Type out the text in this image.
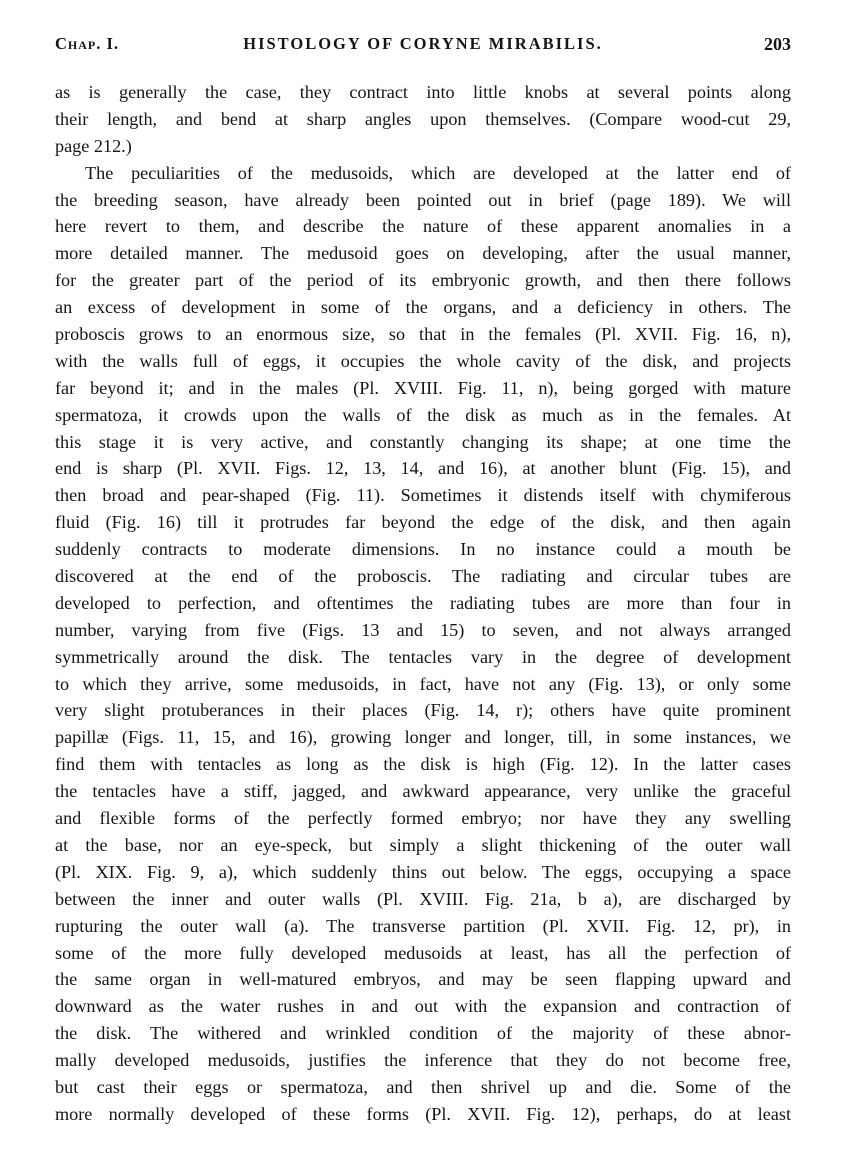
Chap. I.	HISTOLOGY OF CORYNE MIRABILIS.	203
as is generally the case, they contract into little knobs at several points along
their length, and bend at sharp angles upon themselves. (Compare wood-cut 29,
page 212.)
The peculiarities of the medusoids, which are developed at the latter end of
the breeding season, have already been pointed out in brief (page 189). We will
here revert to them, and describe the nature of these apparent anomalies in a
more detailed manner. The medusoid goes on developing, after the usual manner,
for the greater part of the period of its embryonic growth, and then there follows
an excess of development in some of the organs, and a deficiency in others. The
proboscis grows to an enormous size, so that in the females (Pl. XVII. Fig. 16, n),
with the walls full of eggs, it occupies the whole cavity of the disk, and projects
far beyond it; and in the males (Pl. XVIII. Fig. 11, n), being gorged with mature
spermatoza, it crowds upon the walls of the disk as much as in the females. At
this stage it is very active, and constantly changing its shape; at one time the
end is sharp (Pl. XVII. Figs. 12, 13, 14, and 16), at another blunt (Fig. 15), and
then broad and pear-shaped (Fig. 11). Sometimes it distends itself with chymiferous
fluid (Fig. 16) till it protrudes far beyond the edge of the disk, and then again
suddenly contracts to moderate dimensions. In no instance could a mouth be
discovered at the end of the proboscis. The radiating and circular tubes are
developed to perfection, and oftentimes the radiating tubes are more than four in
number, varying from five (Figs. 13 and 15) to seven, and not always arranged
symmetrically around the disk. The tentacles vary in the degree of development
to which they arrive, some medusoids, in fact, have not any (Fig. 13), or only some
very slight protuberances in their places (Fig. 14, r); others have quite prominent
papillæ (Figs. 11, 15, and 16), growing longer and longer, till, in some instances, we
find them with tentacles as long as the disk is high (Fig. 12). In the latter cases
the tentacles have a stiff, jagged, and awkward appearance, very unlike the graceful
and flexible forms of the perfectly formed embryo; nor have they any swelling
at the base, nor an eye-speck, but simply a slight thickening of the outer wall
(Pl. XIX. Fig. 9, a), which suddenly thins out below. The eggs, occupying a space
between the inner and outer walls (Pl. XVIII. Fig. 21a, b a), are discharged by
rupturing the outer wall (a). The transverse partition (Pl. XVII. Fig. 12, pr), in
some of the more fully developed medusoids at least, has all the perfection of
the same organ in well-matured embryos, and may be seen flapping upward and
downward as the water rushes in and out with the expansion and contraction of
the disk. The withered and wrinkled condition of the majority of these abnor-
mally developed medusoids, justifies the inference that they do not become free,
but cast their eggs or spermatoza, and then shrivel up and die. Some of the
more normally developed of these forms (Pl. XVII. Fig. 12), perhaps, do at least
